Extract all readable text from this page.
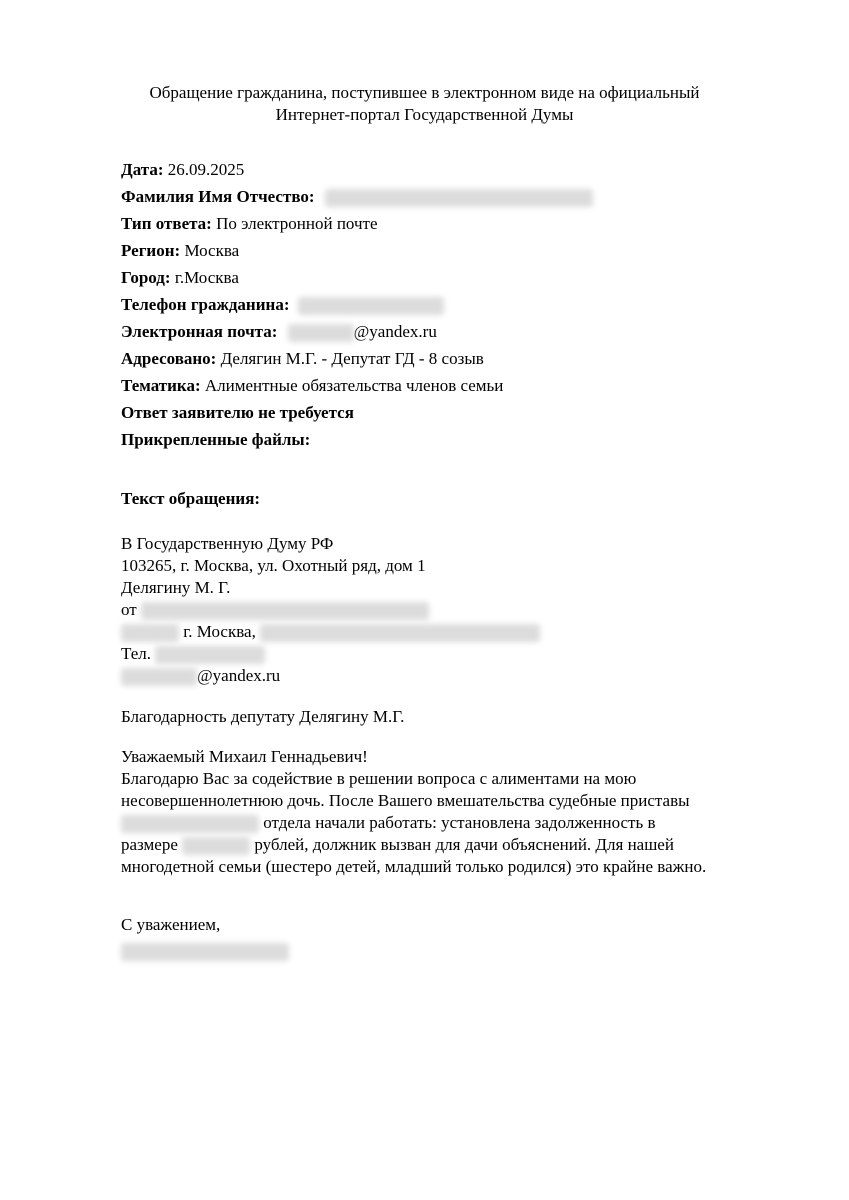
Обращение гражданина, поступившее в электронном виде на официальный
Интернет-портал Государственной Думы
Дата: 26.09.2025
Фамилия Имя Отчество:
Тип ответа: По электронной почте
Регион: Москва
Город: г.Москва
Телефон гражданина:
Электронная почта:	@yandex.ru
Адресовано: Делягин М.Г. - Депутат ГД - 8 созыв
Тематика: Алиментные обязательства членов семьи
Ответ заявителю не требуется
Прикрепленные файлы:
Текст обращения:
В Государственную Думу РФ
103265, г. Москва, ул. Охотный ряд, дом 1
Делягину М. Г.
от
г. Москва,
Тел.
@yandex.ru
Благодарность депутату Делягину М.Г.
Уважаемый Михаил Геннадьевич!
Благодарю Вас за содействие в решении вопроса с алиментами на мою
несовершеннолетнюю дочь. После Вашего вмешательства судебные приставы
отдела начали работать: установлена задолженность в
размере	рублей, должник вызван для дачи объяснений. Для нашей
многодетной семьи (шестеро детей, младший только родился) это крайне важно.
С уважением,
